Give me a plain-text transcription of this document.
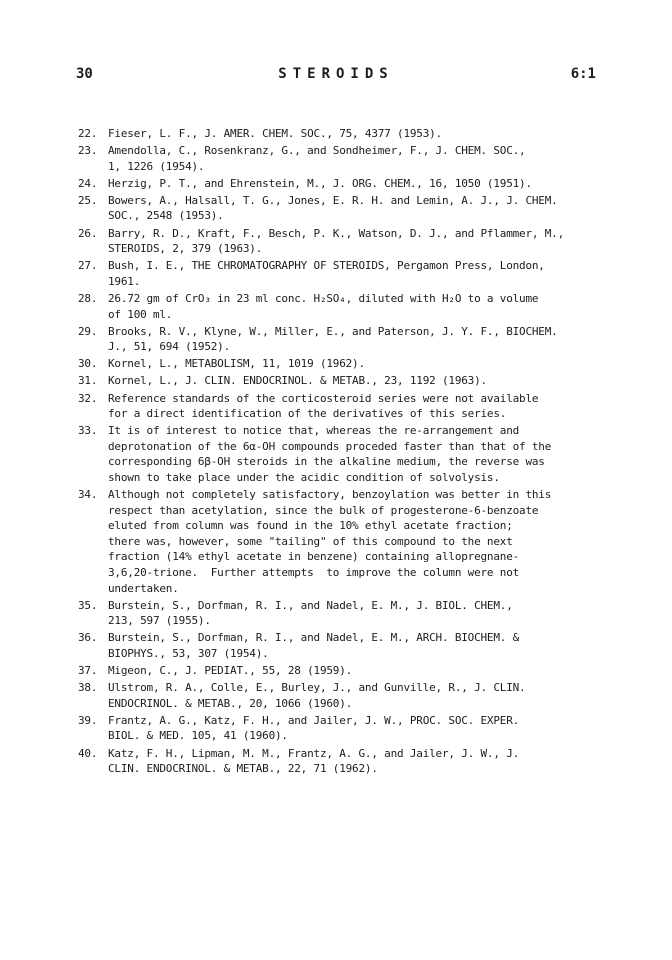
30	STEROIDS	6:1
22. Fieser, L. F., J. AMER. CHEM. SOC., 75, 4377 (1953).
23. Amendolla, C., Rosenkranz, G., and Sondheimer, F., J. CHEM. SOC.,
1, 1226 (1954).
24. Herzig, P. T., and Ehrenstein, M., J. ORG. CHEM., 16, 1050 (1951).
25. Bowers, A., Halsall, T. G., Jones, E. R. H. and Lemin, A. J., J. CHEM.
SOC., 2548 (1953).
26. Barry, R. D., Kraft, F., Besch, P. K., Watson, D. J., and Pflammer, M.,
STEROIDS, 2, 379 (1963).
27. Bush, I. E., THE CHROMATOGRAPHY OF STEROIDS, Pergamon Press, London,
1961.
28. 26.72 gm of CrO₃ in 23 ml conc. H₂SO₄, diluted with H₂O to a volume
of 100 ml.
29. Brooks, R. V., Klyne, W., Miller, E., and Paterson, J. Y. F., BIOCHEM.
J., 51, 694 (1952).
30. Kornel, L., METABOLISM, 11, 1019 (1962).
31. Kornel, L., J. CLIN. ENDOCRINOL. & METAB., 23, 1192 (1963).
32. Reference standards of the corticosteroid series were not available
for a direct identification of the derivatives of this series.
33. It is of interest to notice that, whereas the re-arrangement and
deprotonation of the 6α-OH compounds proceded faster than that of the
corresponding 6β-OH steroids in the alkaline medium, the reverse was
shown to take place under the acidic condition of solvolysis.
34. Although not completely satisfactory, benzoylation was better in this
respect than acetylation, since the bulk of progesterone-6-benzoate
eluted from column was found in the 10% ethyl acetate fraction;
there was, however, some "tailing" of this compound to the next
fraction (14% ethyl acetate in benzene) containing allopregnane-
3,6,20-trione.  Further attempts  to improve the column were not
undertaken.
35. Burstein, S., Dorfman, R. I., and Nadel, E. M., J. BIOL. CHEM.,
213, 597 (1955).
36. Burstein, S., Dorfman, R. I., and Nadel, E. M., ARCH. BIOCHEM. &
BIOPHYS., 53, 307 (1954).
37. Migeon, C., J. PEDIAT., 55, 28 (1959).
38. Ulstrom, R. A., Colle, E., Burley, J., and Gunville, R., J. CLIN.
ENDOCRINOL. & METAB., 20, 1066 (1960).
39. Frantz, A. G., Katz, F. H., and Jailer, J. W., PROC. SOC. EXPER.
BIOL. & MED. 105, 41 (1960).
40. Katz, F. H., Lipman, M. M., Frantz, A. G., and Jailer, J. W., J.
CLIN. ENDOCRINOL. & METAB., 22, 71 (1962).
